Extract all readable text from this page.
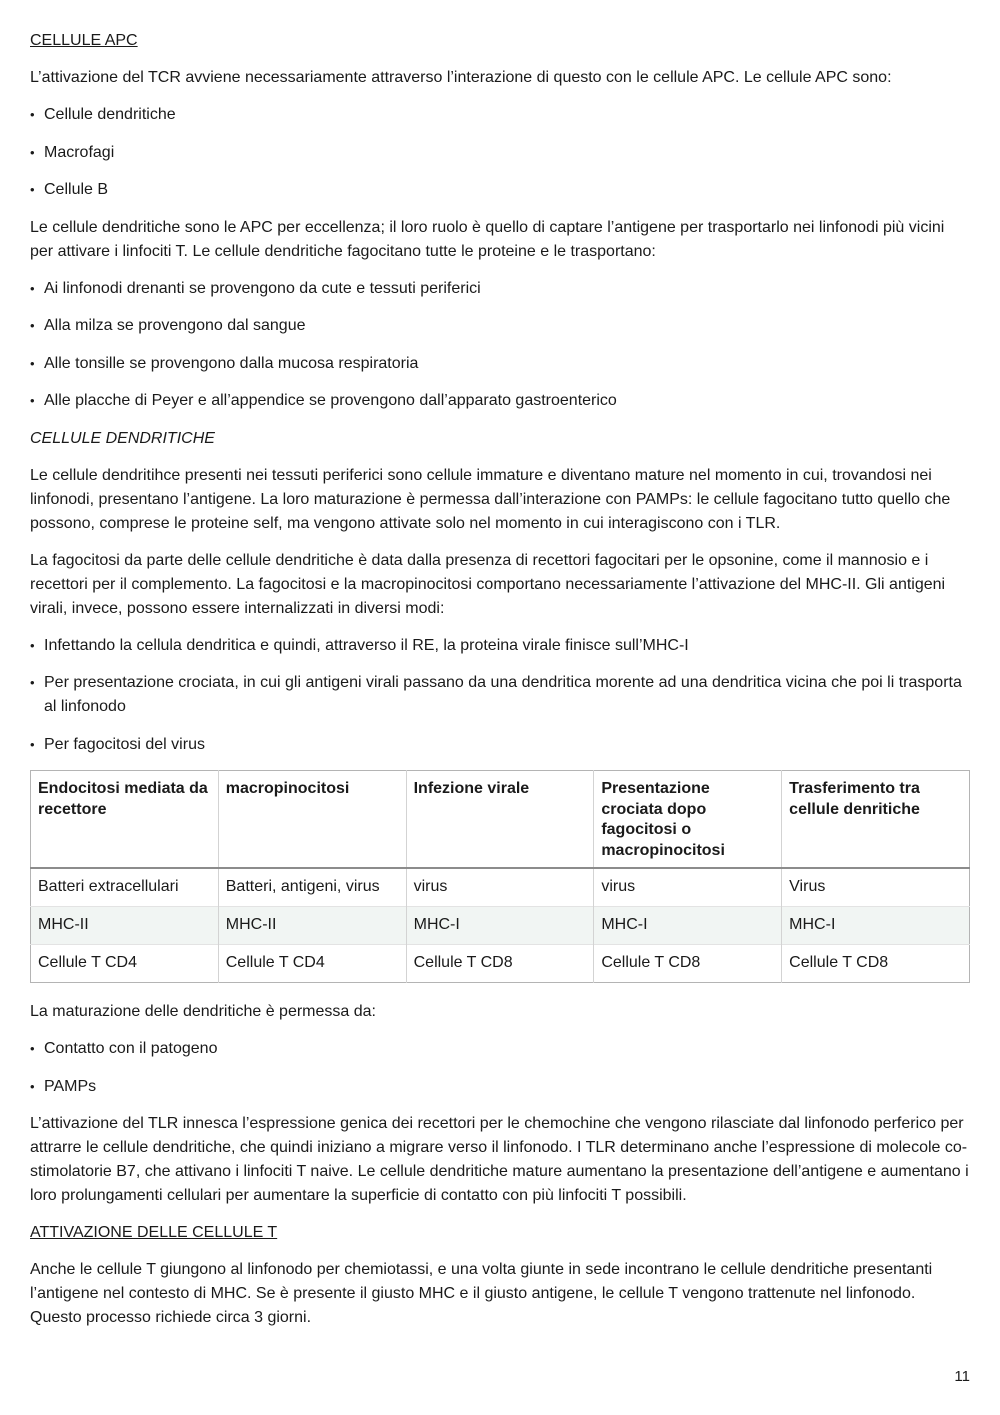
CELLULE APC

L’attivazione del TCR avviene necessariamente attraverso l’interazione di questo con le cellule APC. Le cellule APC sono:

• Cellule dendritiche
• Macrofagi
• Cellule B

Le cellule dendritiche sono le APC per eccellenza; il loro ruolo è quello di captare l’antigene per trasportarlo nei linfonodi più vicini per attivare i linfociti T. Le cellule dendritiche fagocitano tutte le proteine e le trasportano:

• Ai linfonodi drenanti se provengono da cute e tessuti periferici
• Alla milza se provengono dal sangue
• Alle tonsille se provengono dalla mucosa respiratoria
• Alle placche di Peyer e all’appendice se provengono dall’apparato gastroenterico

CELLULE DENDRITICHE

Le cellule dendritihce presenti nei tessuti periferici sono cellule immature e diventano mature nel momento in cui, trovandosi nei linfonodi, presentano l’antigene. La loro maturazione è permessa dall’interazione con PAMPs: le cellule fagocitano tutto quello che possono, comprese le proteine self, ma vengono attivate solo nel momento in cui interagiscono con i TLR.

La fagocitosi da parte delle cellule dendritiche è data dalla presenza di recettori fagocitari per le opsonine, come il mannosio e i recettori per il complemento. La fagocitosi e la macropinocitosi comportano necessariamente l’attivazione del MHC-II. Gli antigeni virali, invece, possono essere internalizzati in diversi modi:

• Infettando la cellula dendritica e quindi, attraverso il RE, la proteina virale finisce sull’MHC-I
• Per presentazione crociata, in cui gli antigeni virali passano da una dendritica morente ad una dendritica vicina che poi li trasporta al linfonodo
• Per fagocitosi del virus
Endocitosi mediata da recettore	macropinocitosi	Infezione virale	Presentazione crociata dopo fagocitosi o macropinocitosi	Trasferimento tra cellule denritiche
Batteri extracellulari	Batteri, antigeni, virus	virus	virus	Virus
MHC-II	MHC-II	MHC-I	MHC-I	MHC-I
Cellule T CD4	Cellule T CD4	Cellule T CD8	Cellule T CD8	Cellule T CD8

La maturazione delle dendritiche è permessa da:

• Contatto con il patogeno
• PAMPs

L’attivazione del TLR innesca l’espressione genica dei recettori per le chemochine che vengono rilasciate dal linfonodo perferico per attrarre le cellule dendritiche, che quindi iniziano a migrare verso il linfonodo. I TLR determinano anche l’espressione di molecole co-stimolatorie B7, che attivano i linfociti T naive. Le cellule dendritiche mature aumentano la presentazione dell’antigene e aumentano i loro prolungamenti cellulari per aumentare la superficie di contatto con più linfociti T possibili.

ATTIVAZIONE DELLE CELLULE T

Anche le cellule T giungono al linfonodo per chemiotassi, e una volta giunte in sede incontrano le cellule dendritiche presentanti l’antigene nel contesto di MHC. Se è presente il giusto MHC e il giusto antigene, le cellule T vengono trattenute nel linfonodo. Questo processo richiede circa 3 giorni.

11
